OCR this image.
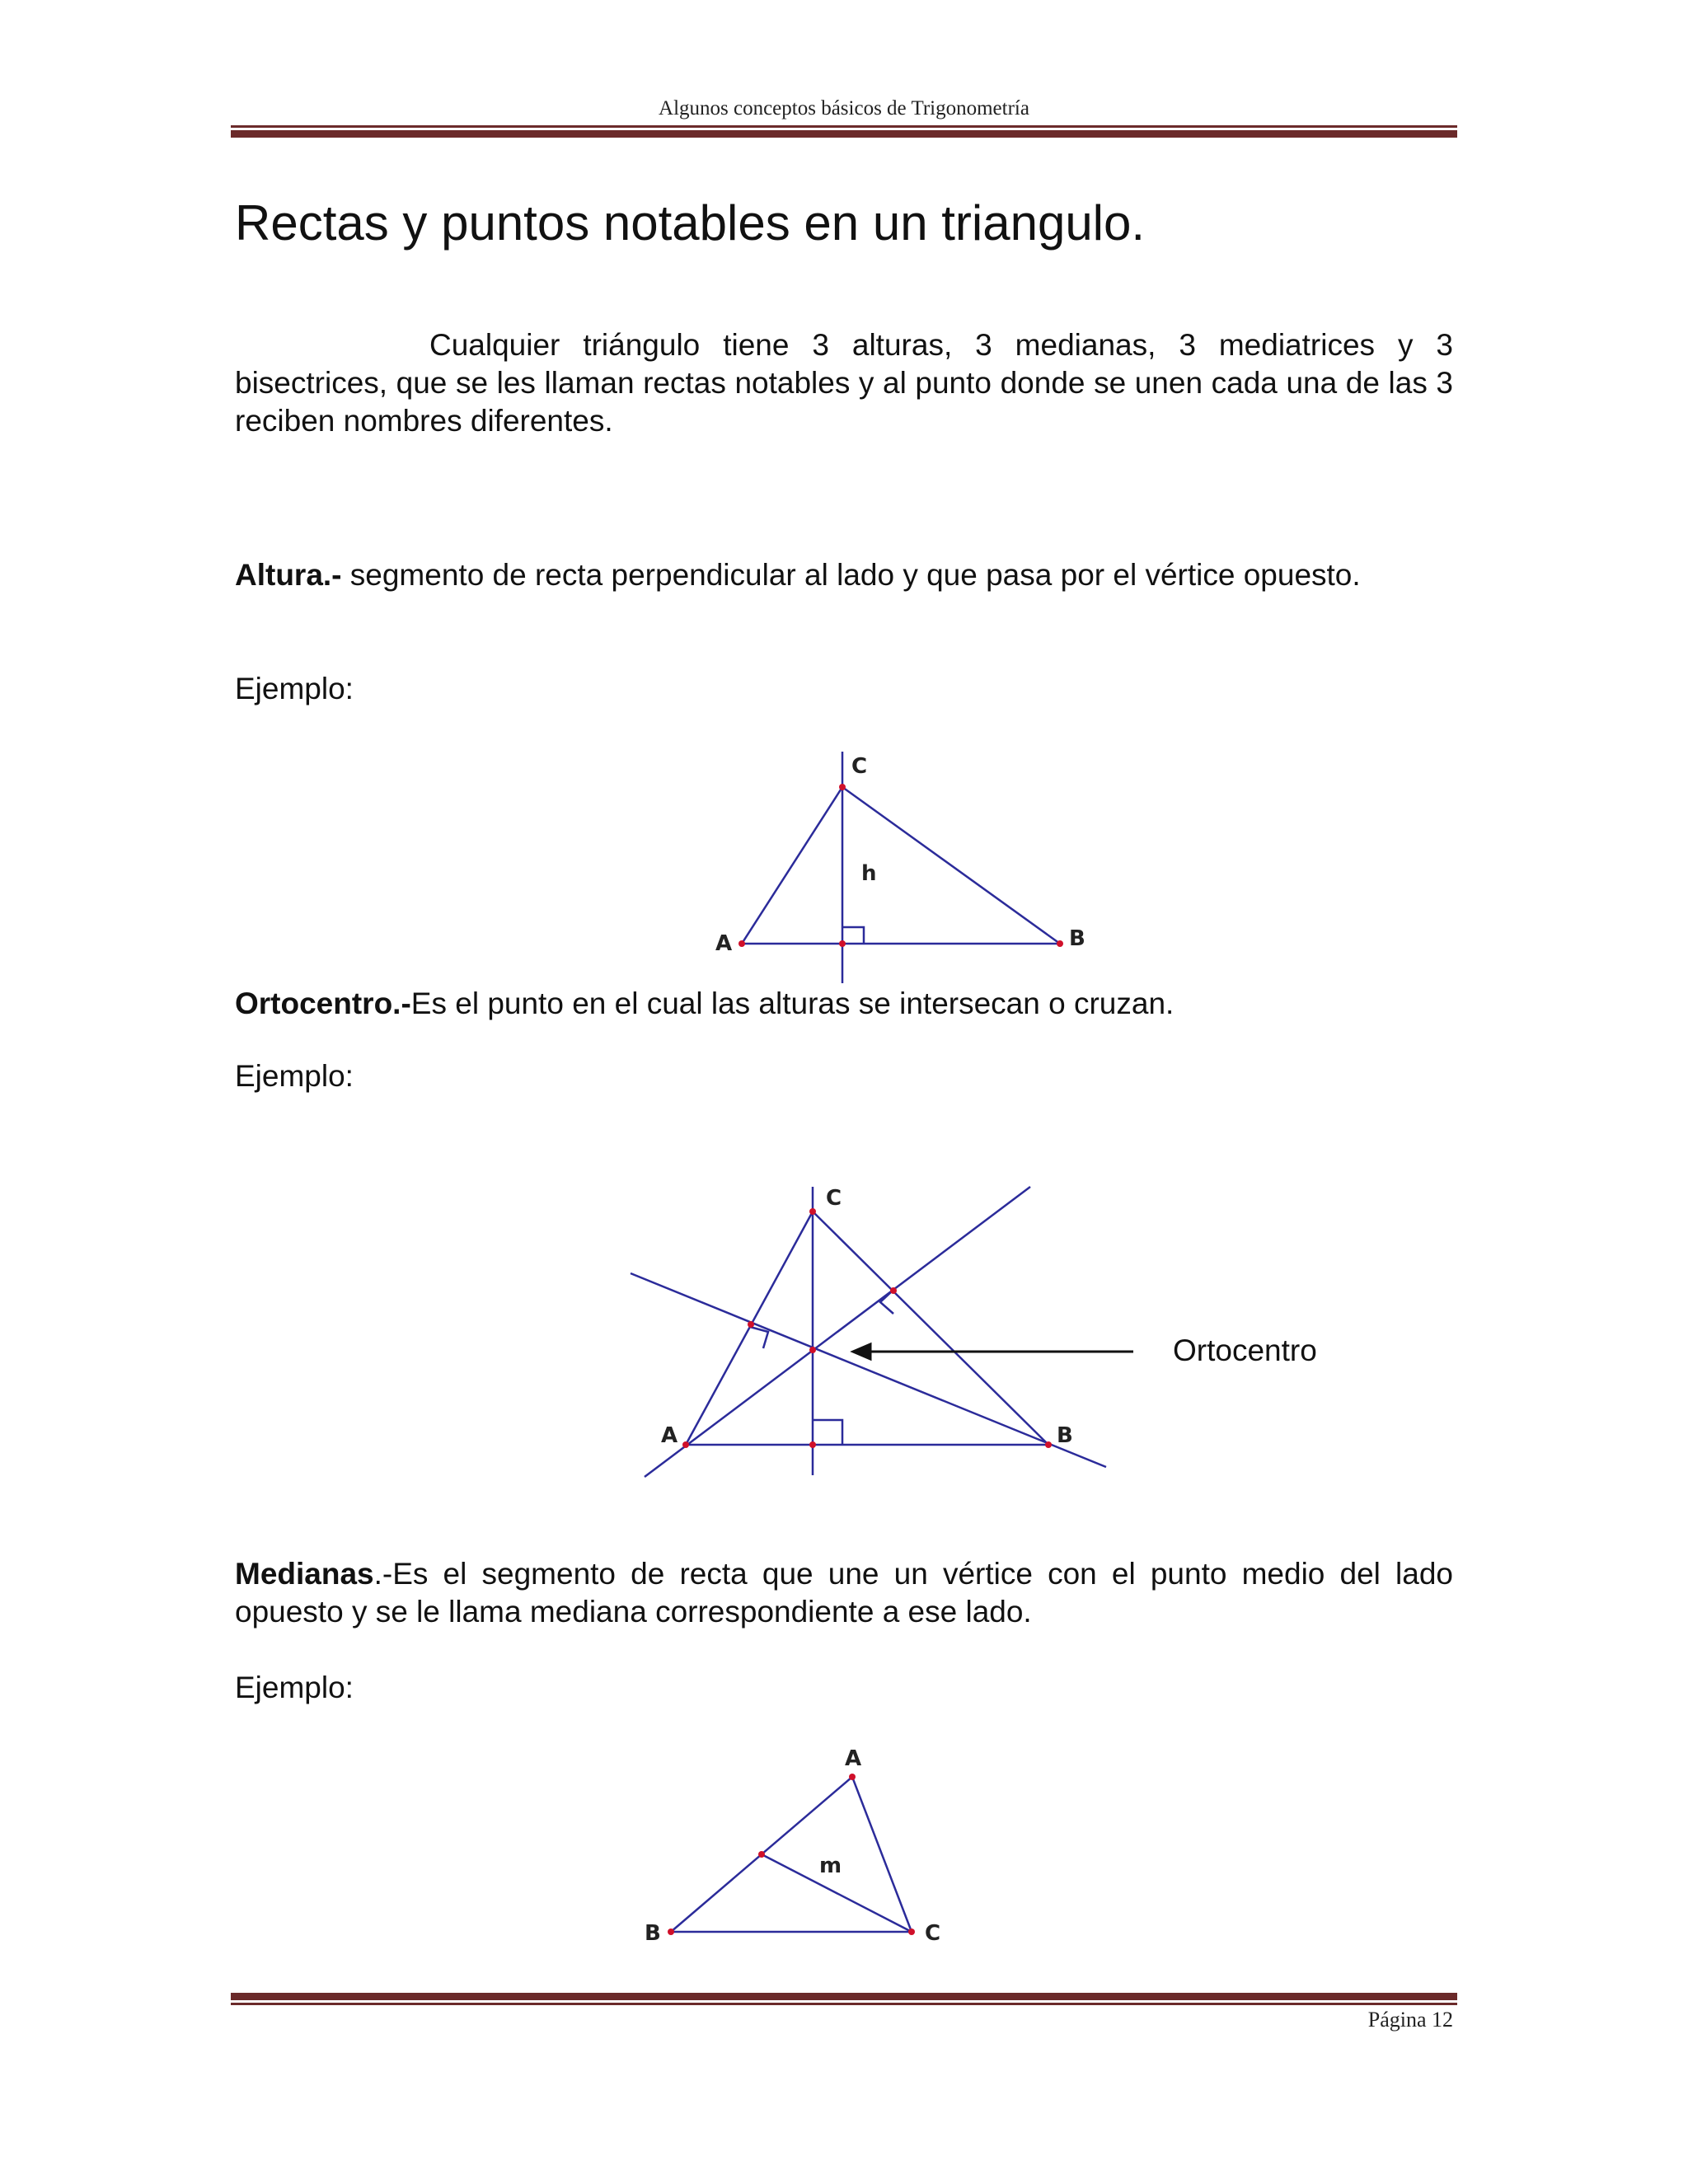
Algunos conceptos básicos de Trigonometría
Rectas y puntos notables en un triangulo.

Cualquier triángulo tiene 3 alturas, 3 medianas, 3 mediatrices y 3 bisectrices, que se les llaman rectas notables y al punto donde se unen cada una de las 3 reciben nombres diferentes.

Altura.- segmento de recta perpendicular al lado y que pasa por el vértice opuesto.

Ejemplo:
C
h
A	B

Ortocentro.-Es el punto en el cual las alturas se intersecan o cruzan.

Ejemplo:
C
A	B
Ortocentro

Medianas.-Es el segmento de recta que une un vértice con el punto medio del lado opuesto y se le llama mediana correspondiente a ese lado.

Ejemplo:
A
m
B	C
Página 12
